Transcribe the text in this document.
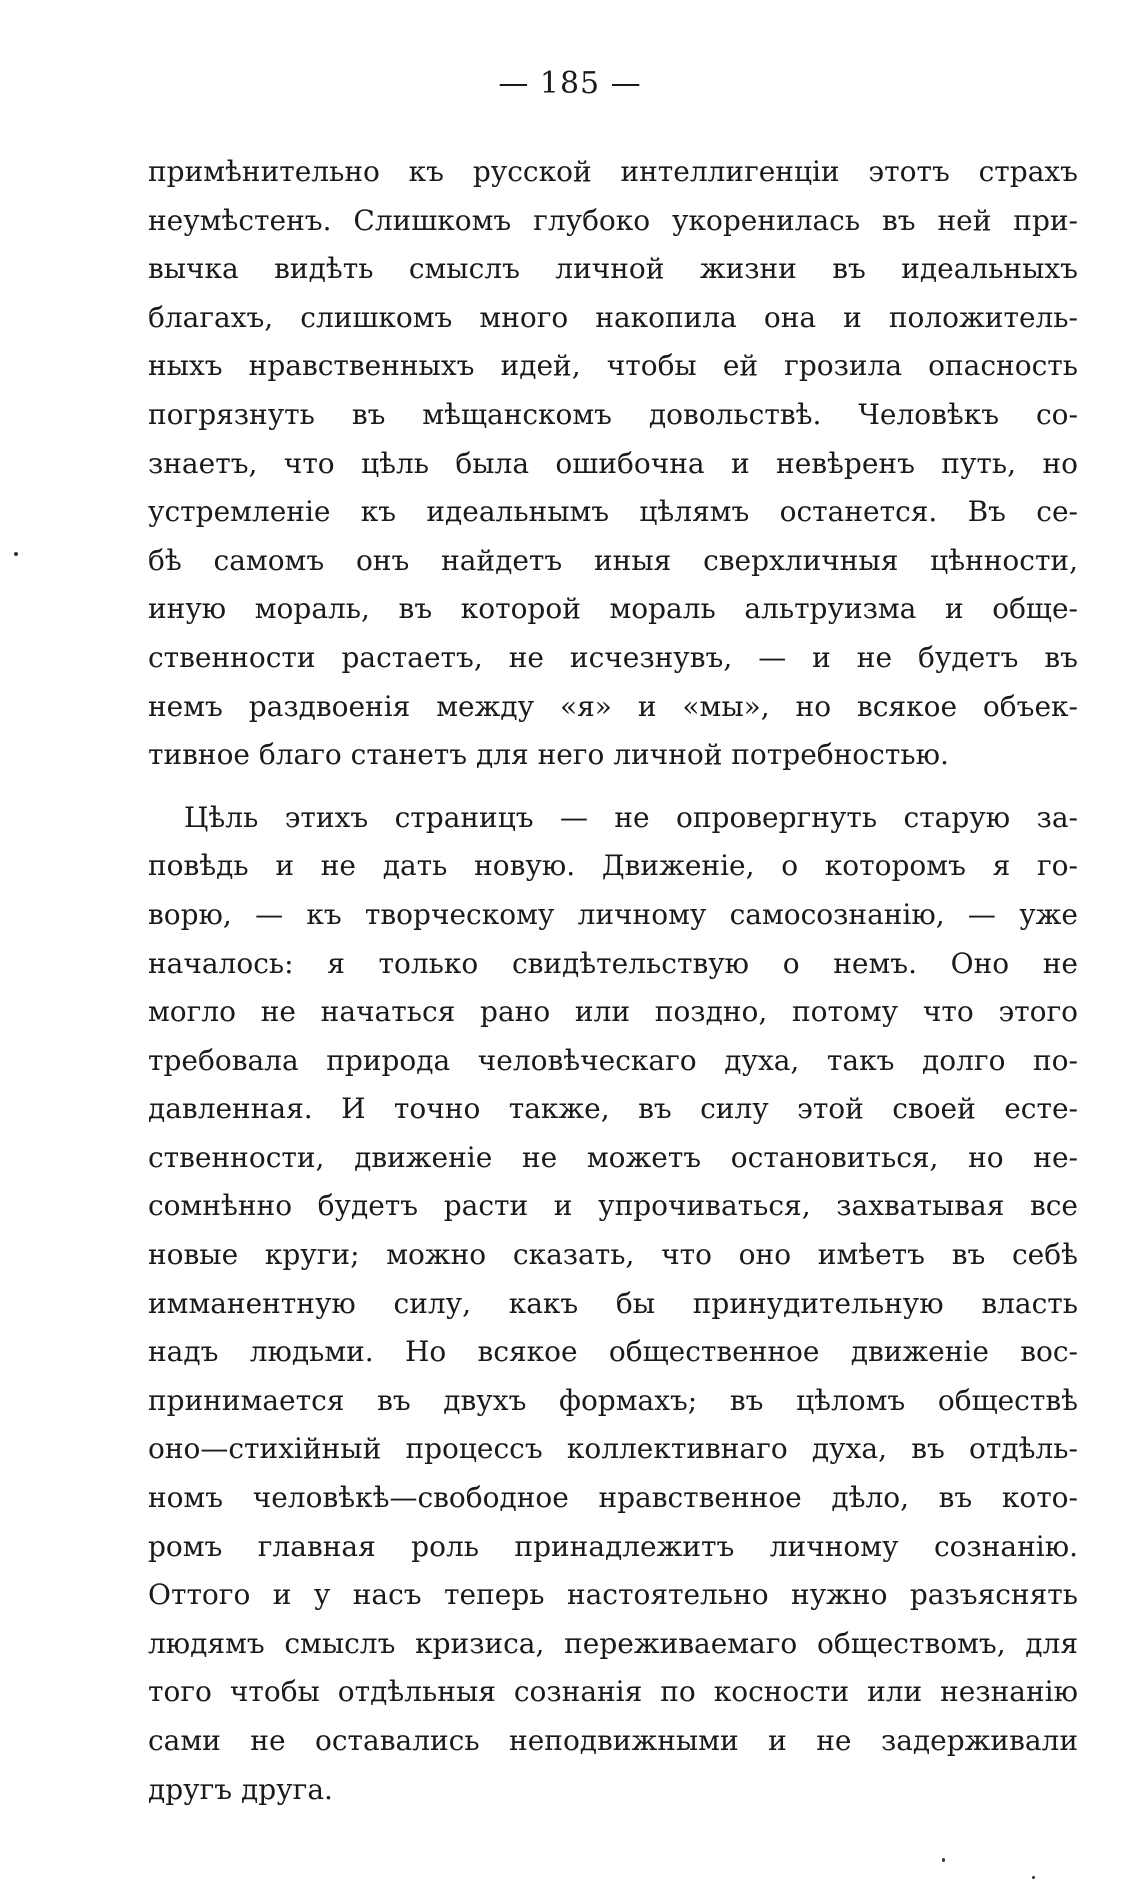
— 185 —
примѣнительно къ русской интеллигенціи этотъ страхъ
неумѣстенъ. Слишкомъ глубоко укоренилась въ ней при-
вычка видѣть смыслъ личной жизни въ идеальныхъ
благахъ, слишкомъ много накопила она и положитель-
ныхъ нравственныхъ идей, чтобы ей грозила опасность
погрязнуть въ мѣщанскомъ довольствѣ. Человѣкъ со-
знаетъ, что цѣль была ошибочна и невѣренъ путь, но
устремленіе къ идеальнымъ цѣлямъ останется. Въ се-
бѣ самомъ онъ найдетъ иныя сверхличныя цѣнности,
иную мораль, въ которой мораль альтруизма и обще-
ственности растаетъ, не исчезнувъ, — и не будетъ въ
немъ раздвоенія между «я» и «мы», но всякое объек-
тивное благо станетъ для него личной потребностью.
Цѣль этихъ страницъ — не опровергнуть старую за-
повѣдь и не дать новую. Движеніе, о которомъ я го-
ворю, — къ творческому личному самосознанію, — уже
началось: я только свидѣтельствую о немъ. Оно не
могло не начаться рано или поздно, потому что этого
требовала природа человѣческаго духа, такъ долго по-
давленная. И точно также, въ силу этой своей есте-
ственности, движеніе не можетъ остановиться, но не-
сомнѣнно будетъ расти и упрочиваться, захватывая все
новые круги; можно сказать, что оно имѣетъ въ себѣ
имманентную силу, какъ бы принудительную власть
надъ людьми. Но всякое общественное движеніе вос-
принимается въ двухъ формахъ; въ цѣломъ обществѣ
оно—стихійный процессъ коллективнаго духа, въ отдѣль-
номъ человѣкѣ—свободное нравственное дѣло, въ кото-
ромъ главная роль принадлежитъ личному сознанію.
Оттого и у насъ теперь настоятельно нужно разъяснять
людямъ смыслъ кризиса, переживаемаго обществомъ, для
того чтобы отдѣльныя сознанія по косности или незнанію
сами не оставались неподвижными и не задерживали
другъ друга.
